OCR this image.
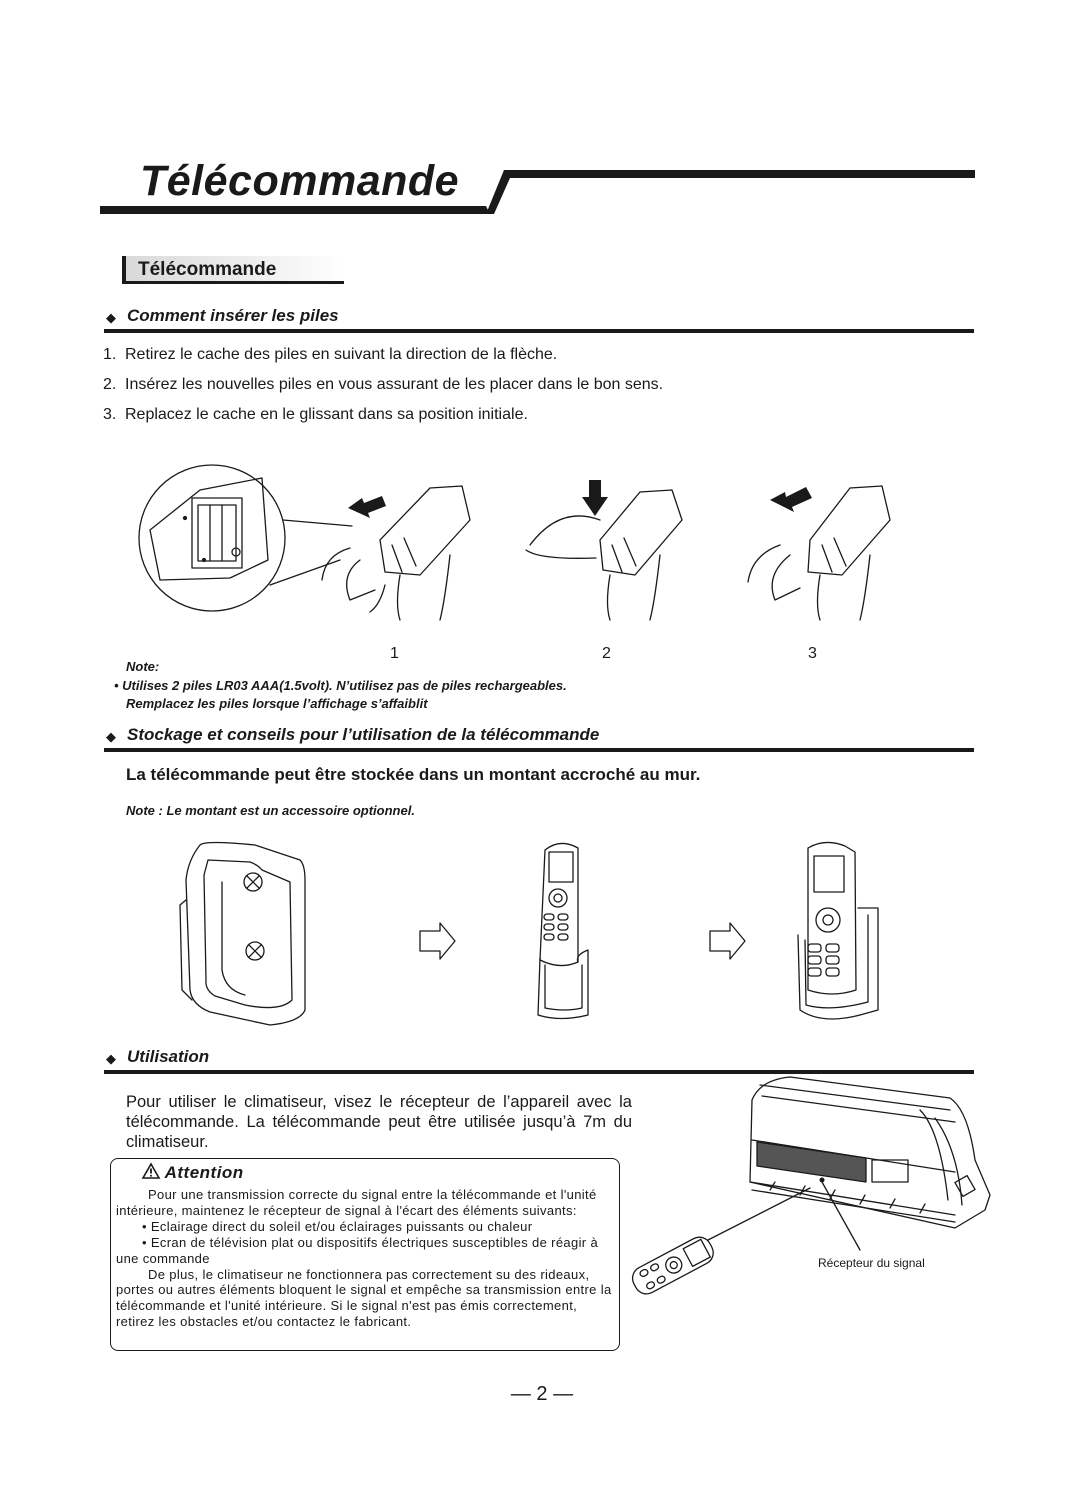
Télécommande
Télécommande
◆ Comment insérer les piles
1. Retirez le cache des piles en suivant la direction de la flèche.
2. Insérez les nouvelles piles en vous assurant de les placer dans le bon sens.
3. Replacez le cache en le glissant dans sa position initiale.
1	2	3
Note:
• Utilises 2 piles LR03 AAA(1.5volt). N’utilisez pas de piles rechargeables.
Remplacez les piles lorsque l’affichage s’affaiblit
◆ Stockage et conseils pour l’utilisation de la télécommande
La télécommande peut être stockée dans un montant accroché au mur.
Note : Le montant est un accessoire optionnel.
◆ Utilisation
Pour utiliser le climatiseur, visez le récepteur de l’appareil avec la télécommande. La télécommande peut être utilisée jusqu’à 7m du climatiseur.
Attention

Pour une transmission correcte du signal entre la télécommande et l'unité intérieure, maintenez le récepteur de signal à l'écart des éléments suivants:

• Eclairage direct du soleil et/ou éclairages puissants ou chaleur

• Ecran de télévision plat ou dispositifs électriques susceptibles de réagir à une commande

De plus, le climatiseur ne fonctionnera pas correctement su des rideaux, portes ou autres éléments bloquent le signal et empêche sa transmission entre la télécommande et l'unité intérieure. Si le signal n'est pas émis correctement, retirez les obstacles et/ou contactez le fabricant.

Récepteur du signal
— 2 —
